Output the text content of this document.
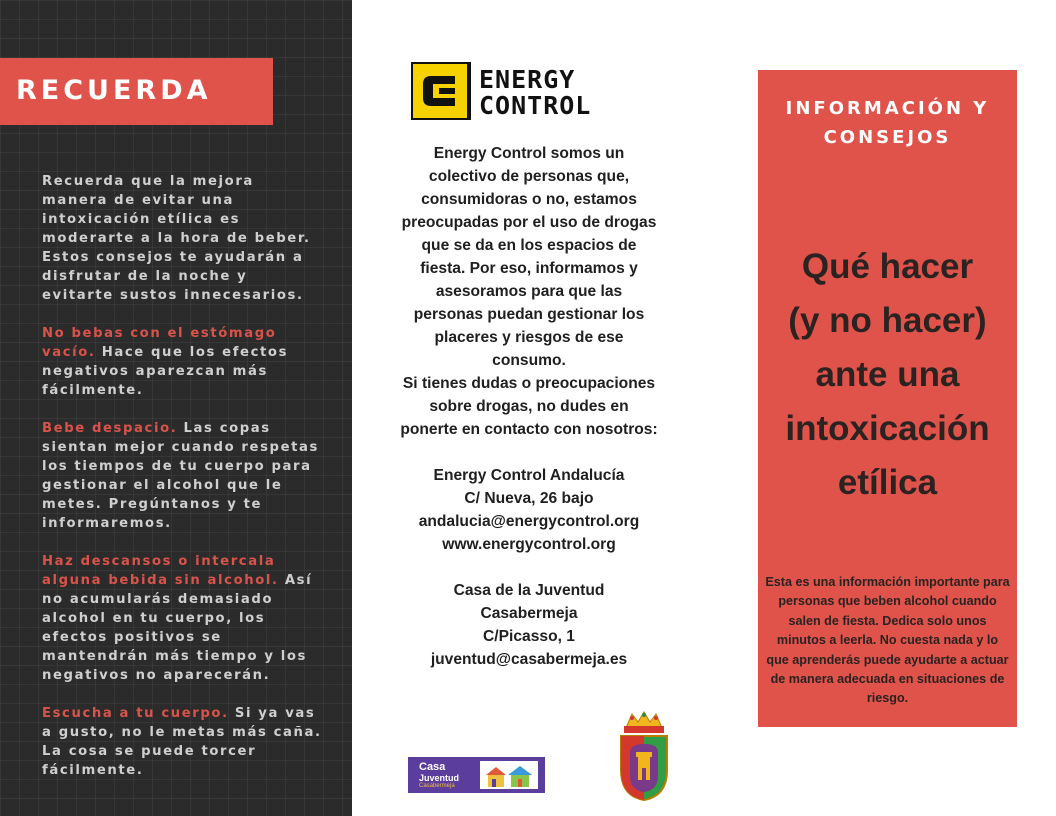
RECUERDA

Recuerda que la mejora manera de evitar una intoxicación etílica es moderarte a la hora de beber. Estos consejos te ayudarán a disfrutar de la noche y evitarte sustos innecesarios.

No bebas con el estómago vacío. Hace que los efectos negativos aparezcan más fácilmente.

Bebe despacio. Las copas sientan mejor cuando respetas los tiempos de tu cuerpo para gestionar el alcohol que le metes. Pregúntanos y te informaremos.

Haz descansos o intercala alguna bebida sin alcohol. Así no acumularás demasiado alcohol en tu cuerpo, los efectos positivos se mantendrán más tiempo y los negativos no aparecerán.

Escucha a tu cuerpo. Si ya vas a gusto, no le metas más caña. La cosa se puede torcer fácilmente.

ENERGY
CONTROL

Energy Control somos un colectivo de personas que, consumidoras o no, estamos preocupadas por el uso de drogas que se da en los espacios de fiesta. Por eso, informamos y asesoramos para que las personas puedan gestionar los placeres y riesgos de ese consumo.

Si tienes dudas o preocupaciones sobre drogas, no dudes en ponerte en contacto con nosotros:

Energy Control Andalucía

C/ Nueva, 26 bajo

andalucia@energycontrol.org

www.energycontrol.org

Casa de la Juventud

Casabermeja

C/Picasso, 1

juventud@casabermeja.es

Casa
Juventud
Casabermeja
INFORMACIÓN Y
CONSEJOS
Qué hacer
(y no hacer)
ante una
intoxicación
etílica
Esta es una información importante para personas que beben alcohol cuando salen de fiesta. Dedica solo unos minutos a leerla. No cuesta nada y lo que aprenderás puede ayudarte a actuar de manera adecuada en situaciones de riesgo.
